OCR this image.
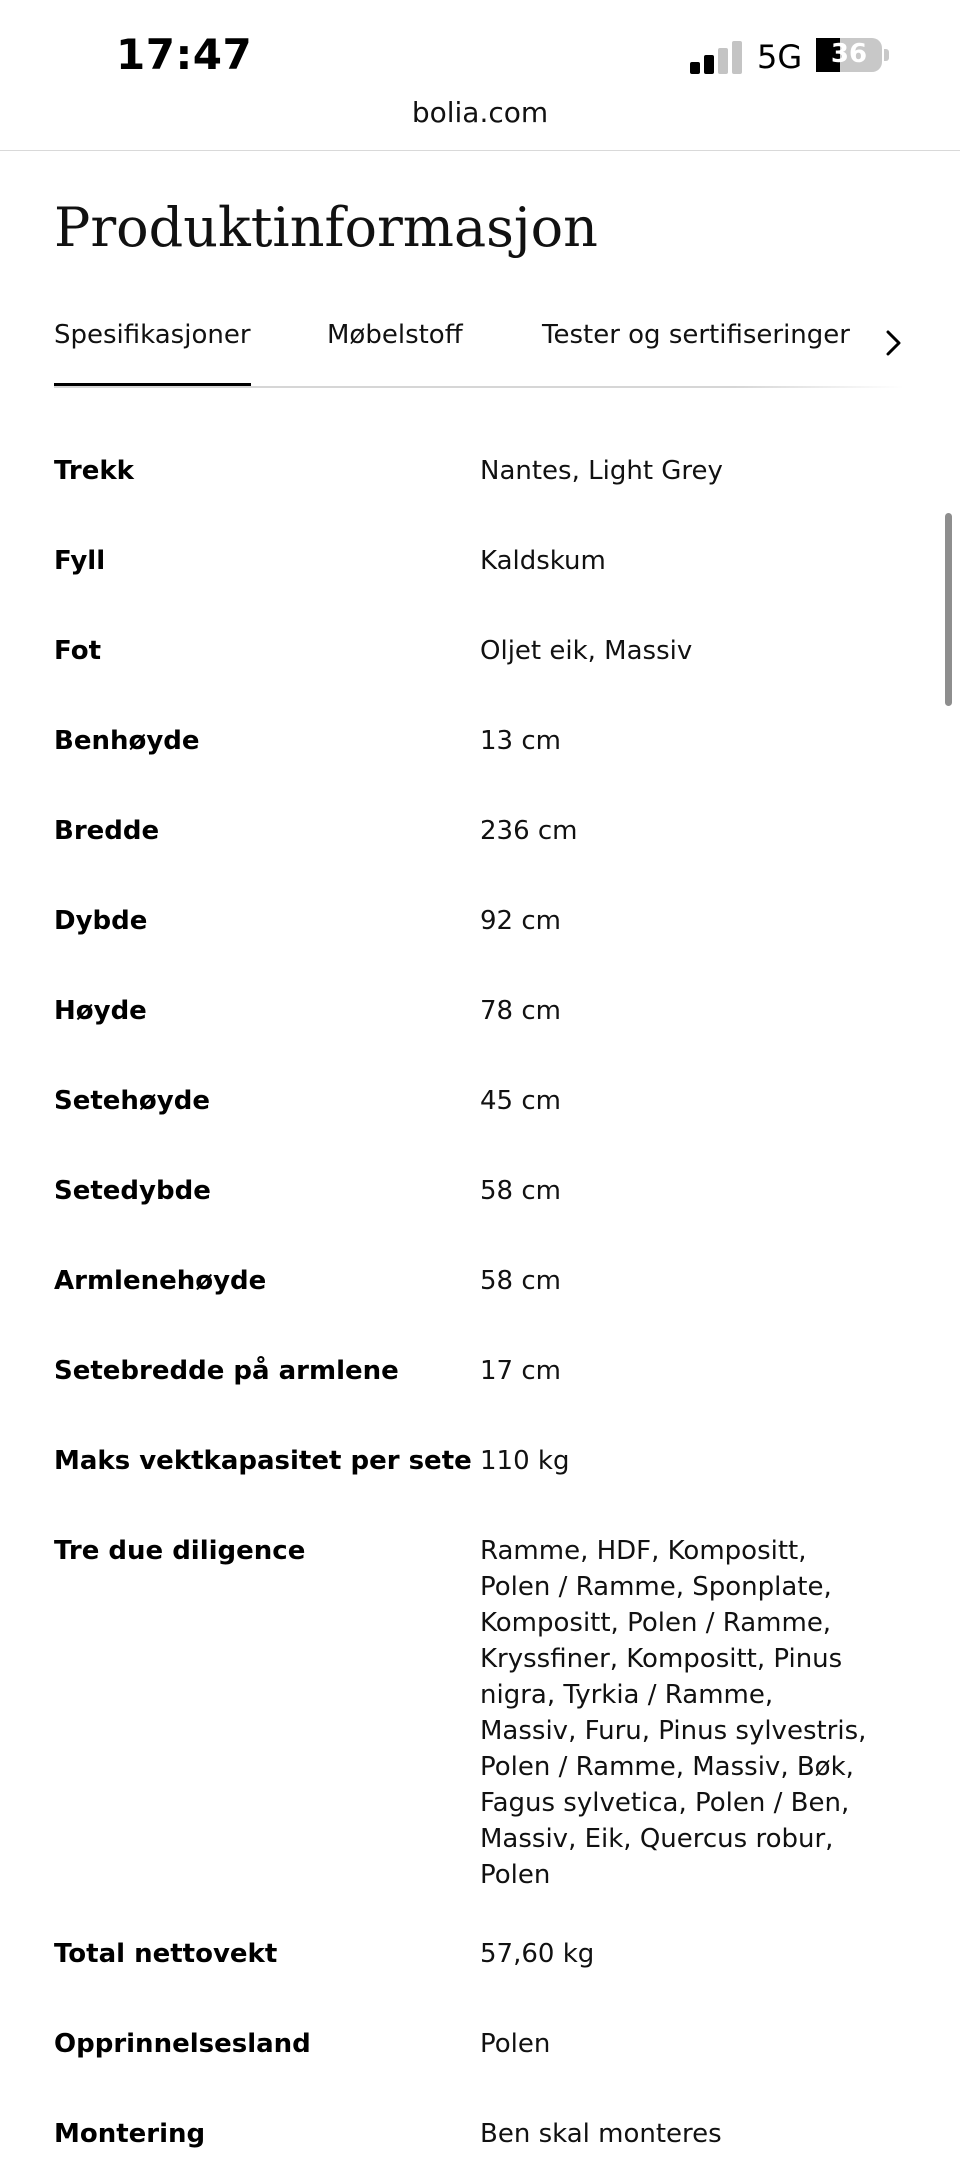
17:47	5G	36
bolia.com
Produktinformasjon
Spesifikasjoner	Møbelstoff	Tester og sertifiseringer
Trekk	Nantes, Light Grey
Fyll	Kaldskum
Fot	Oljet eik, Massiv
Benhøyde	13 cm
Bredde	236 cm
Dybde	92 cm
Høyde	78 cm
Setehøyde	45 cm
Setedybde	58 cm
Armlenehøyde	58 cm
Setebredde på armlene	17 cm
Maks vektkapasitet per sete 110 kg
Tre due diligence	Ramme, HDF, Kompositt, Polen / Ramme, Sponplate, Kompositt, Polen / Ramme, Kryssfiner, Kompositt, Pinus nigra, Tyrkia / Ramme, Massiv, Furu, Pinus sylvestris, Polen / Ramme, Massiv, Bøk, Fagus sylvetica, Polen / Ben, Massiv, Eik, Quercus robur, Polen
Total nettovekt	57,60 kg
Opprinnelsesland	Polen
Montering	Ben skal monteres
